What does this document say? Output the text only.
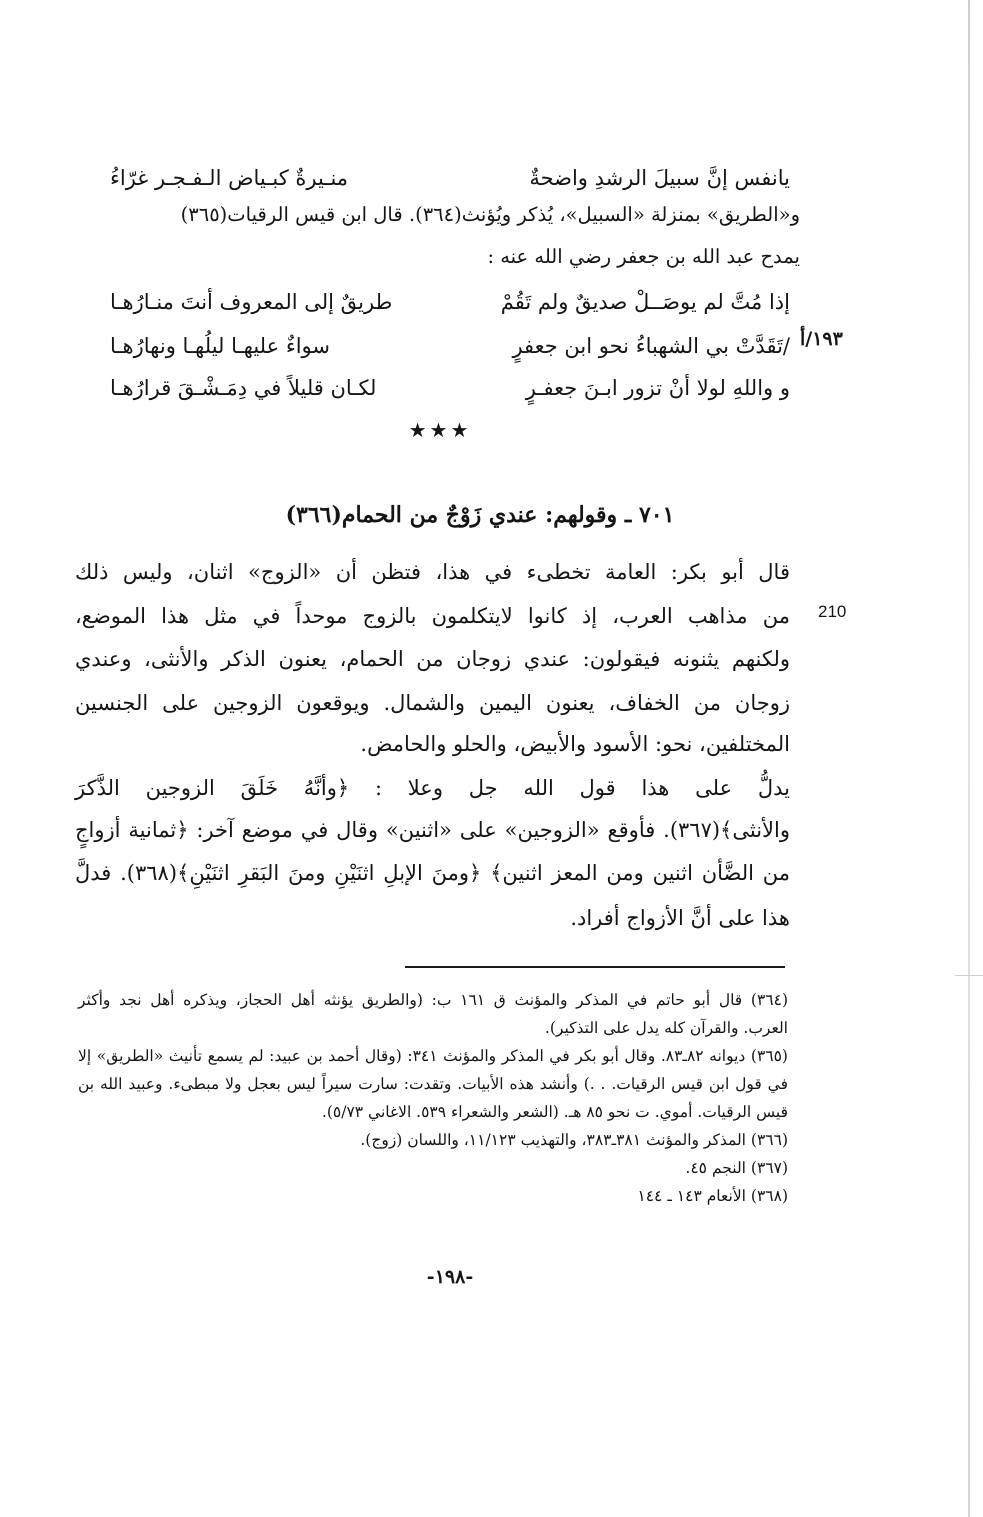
يانفس إنَّ سبيلَ الرشدِ واضحةٌ
منـيرةٌ كبـياض الـفـجـر غرّاءُ
و«الطريق» بمنزلة «السبيل»، يُذكر ويُؤنث(٣٦٤). قال ابن قيس الرقيات(٣٦٥)
يمدح عبد الله بن جعفر رضي الله عنه :
إذا مُتَّ لم يوصَــلْ صديقٌ ولم تَقُمْ
طريقٌ إلى المعروف أنتَ منـارُهـا
/تَقَدَّتْ بي الشهباءُ نحو ابن جعفرٍ
سواءٌ عليهـا ليلُهـا ونهارُهـا
و واللهِ لولا أنْ تزور ابـنَ جعفـرٍ
لكـان قليلاً في دِمَـشْـقَ قرارُهـا
١٩٣/أ
★★★
٧٠١ ـ وقولهم: عندي زَوْجٌ من الحمام(٣٦٦)
210
قال أبو بكر: العامة تخطىء في هذا، فتظن أن «الزوج» اثنان، وليس ذلك
من مذاهب العرب، إذ كانوا لايتكلمون بالزوج موحداً في مثل هذا الموضع،
ولكنهم يثنونه فيقولون: عندي زوجان من الحمام، يعنون الذكر والأنثى، وعندي
زوجان من الخفاف، يعنون اليمين والشمال. ويوقعون الزوجين على الجنسين
المختلفين، نحو: الأسود والأبيض، والحلو والحامض.
يدلُّ على هذا قول الله جل وعلا : ﴿وأنَّهُ خَلَقَ الزوجين الذَّكرَ
والأنثى﴾(٣٦٧). فأوقع «الزوجين» على «اثنين» وقال في موضع آخر: ﴿ثمانية أزواجٍ
من الضَّأن اثنين ومن المعز اثنين﴾ ﴿ومنَ الإبلِ اثنَيْنِ ومنَ البَقرِ اثنَيْنِ﴾(٣٦٨). فدلَّ
هذا على أنَّ الأزواج أفراد.
(٣٦٤) قال أبو حاتم في المذكر والمؤنث ق ١٦١ ب: (والطريق يؤنثه أهل الحجاز، ويذكره أهل نجد وأكثر
العرب. والقرآن كله يدل على التذكير).
(٣٦٥) ديوانه ٨٢ـ٨٣. وقال أبو بكر في المذكر والمؤنث ٣٤١: (وقال أحمد بن عبيد: لم يسمع تأنيث «الطريق» إلا
في قول ابن قيس الرقيات. . .) وأنشد هذه الأبيات. وتقدت: سارت سيراً ليس بعجل ولا مبطىء. وعبيد الله بن
قيس الرقيات. أموي. ت نحو ٨٥ هـ. (الشعر والشعراء ٥٣٩. الاغاني ٥/٧٣).
(٣٦٦) المذكر والمؤنث ٣٨١ـ٣٨٣، والتهذيب ١١/١٢٣، واللسان (زوج).
(٣٦٧) النجم ٤٥.
(٣٦٨) الأنعام ١٤٣ ـ ١٤٤
-١٩٨-
